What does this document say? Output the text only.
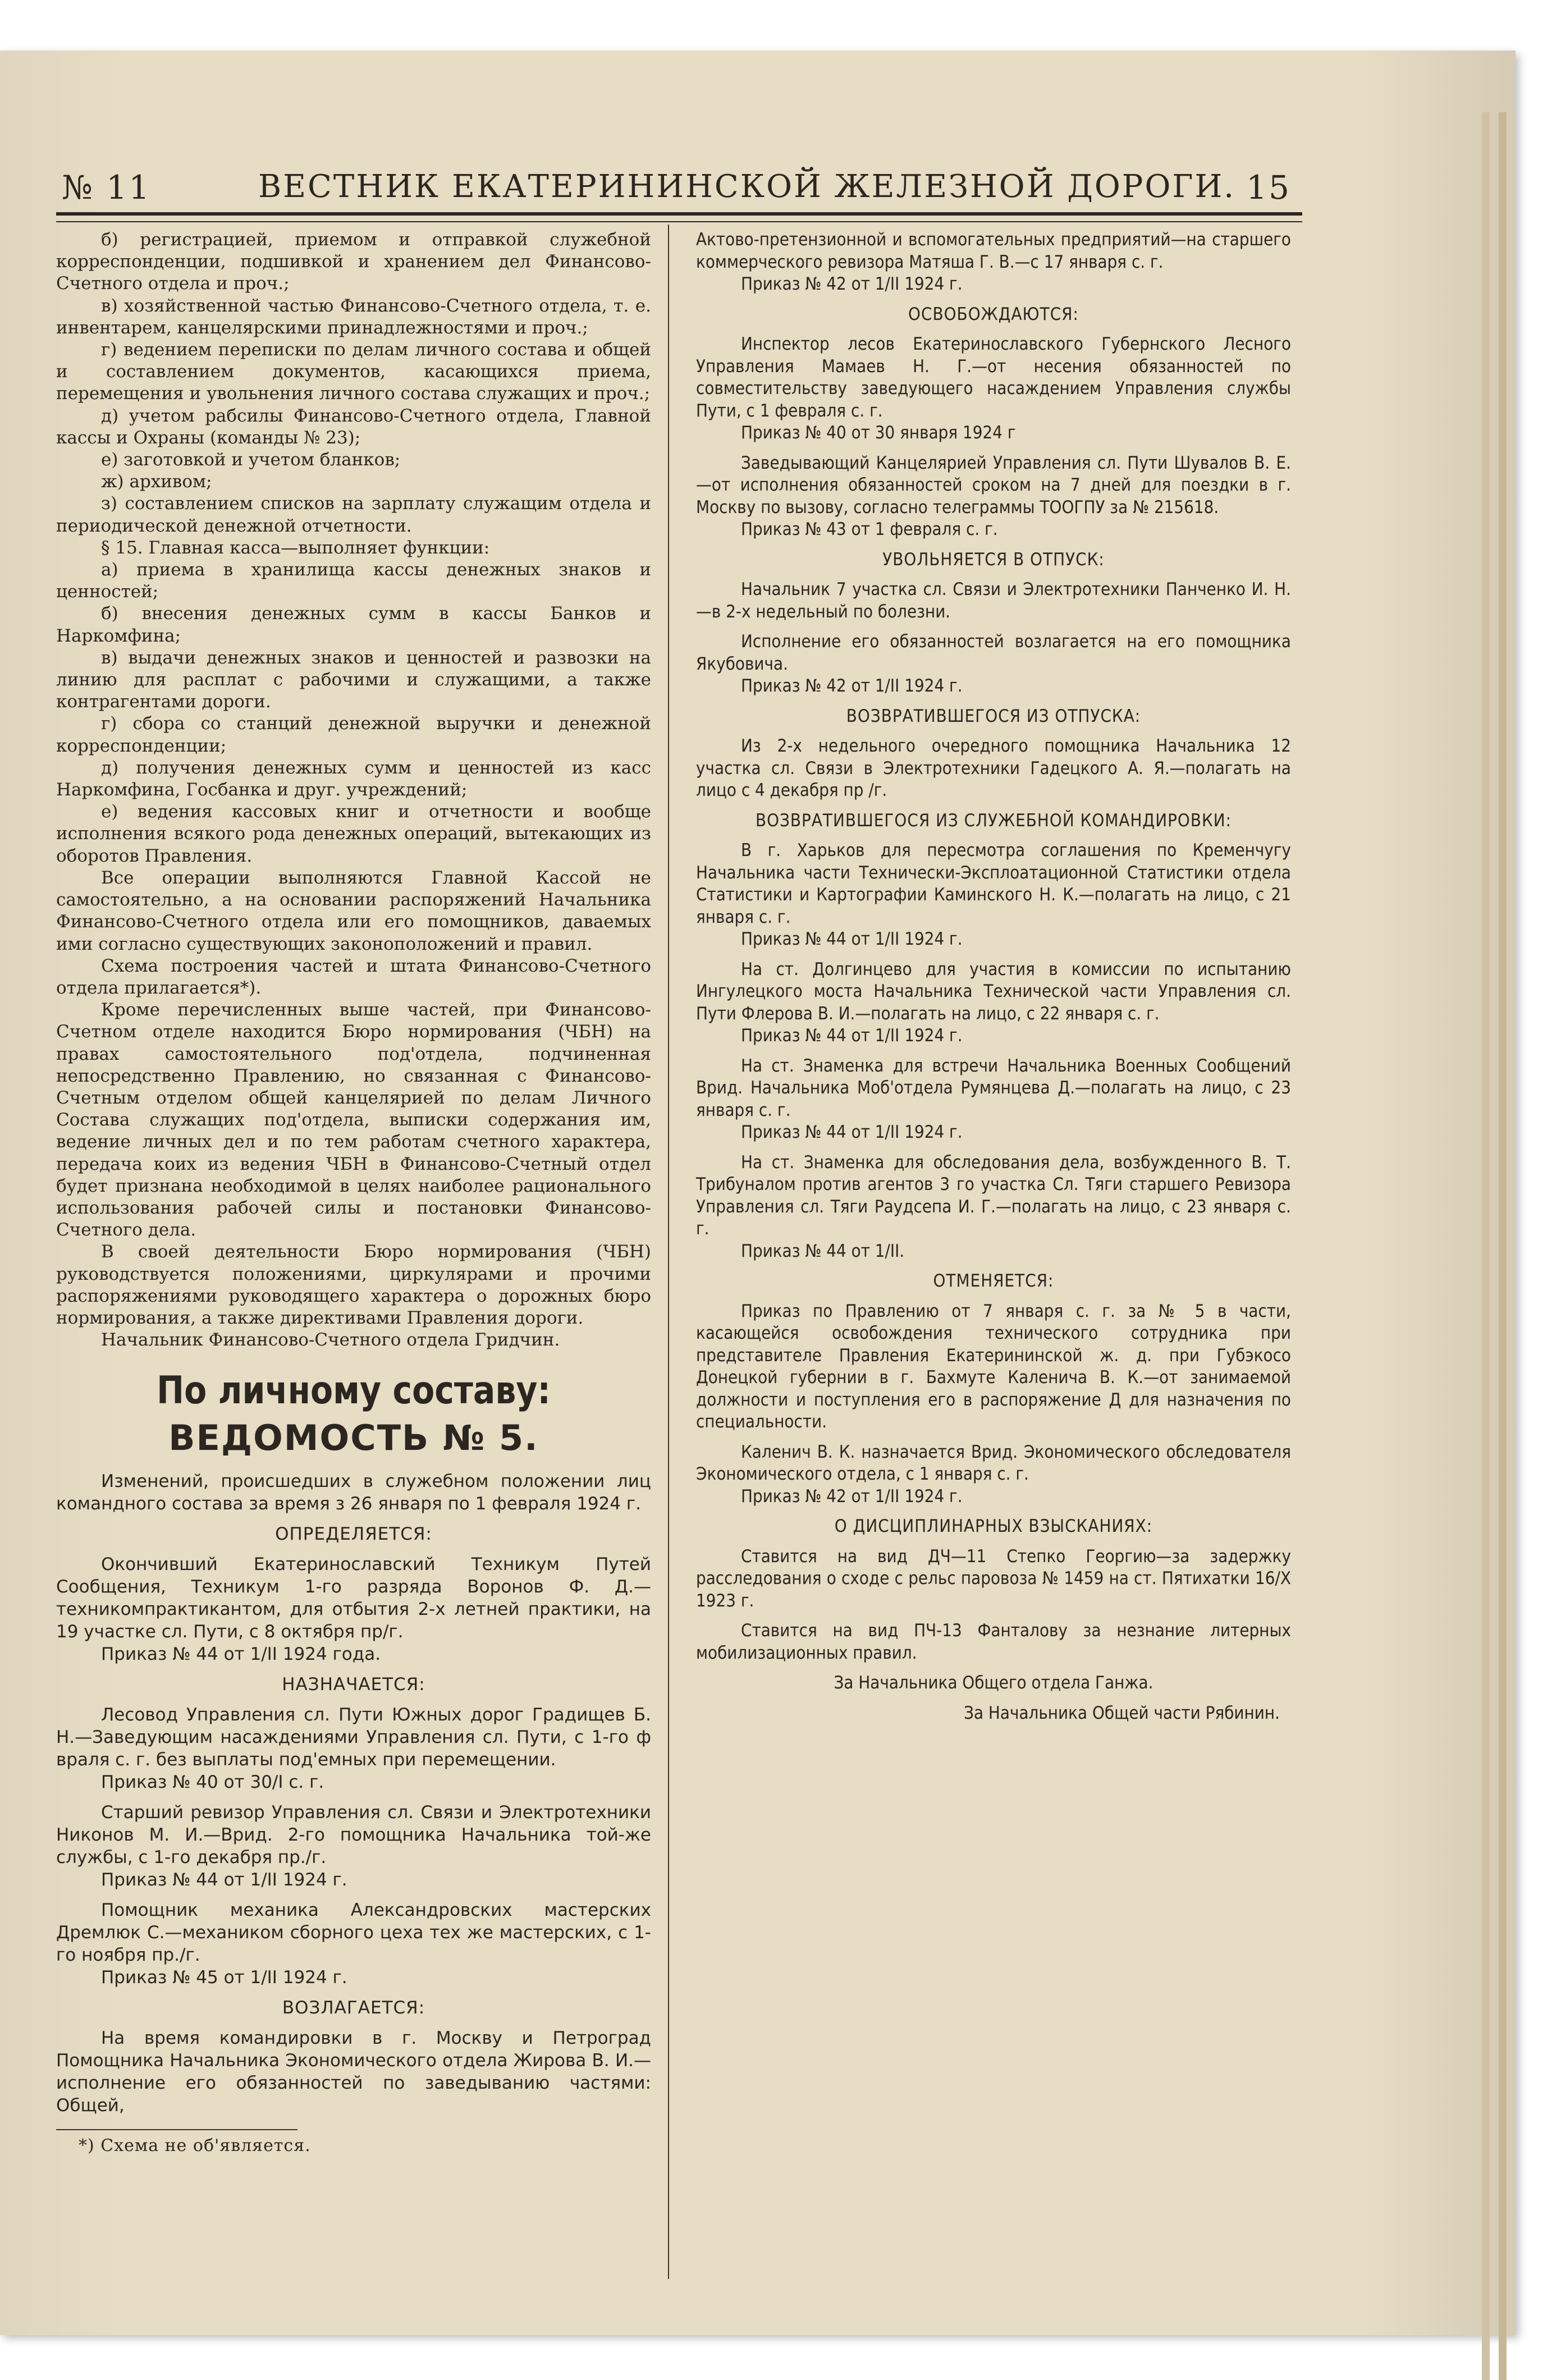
№ 11	ВЕСТНИК ЕКАТЕРИНИНСКОЙ ЖЕЛЕЗНОЙ ДОРОГИ. 15

б) регистрацией, приемом и отправкой служебной корреспонденции, подшивкой и хранением дел Финансово-Счетного отдела и проч.;

в) хозяйственной частью Финансово-Счетного отдела, т. е. инвентарем, канцелярскими принадлежностями и проч.;

г) ведением переписки по делам личного состава и общей и составлением документов, касающихся приема, перемещения и увольнения личного состава служащих и проч.;

д) учетом рабсилы Финансово-Счетного отдела, Главной кассы и Охраны (команды № 23);

е) заготовкой и учетом бланков;

ж) архивом;

з) составлением списков на зарплату служащим отдела и периодической денежной отчетности.

§ 15. Главная касса—выполняет функции:

а) приема в хранилища кассы денежных знаков и ценностей;

б) внесения денежных сумм в кассы Банков и Наркомфина;

в) выдачи денежных знаков и ценностей и развозки на линию для расплат с рабочими и служащими, а также контрагентами дороги.

г) сбора со станций денежной выручки и денежной корреспонденции;

д) получения денежных сумм и ценностей из касс Наркомфина, Госбанка и друг. учреждений;

е) ведения кассовых книг и отчетности и вообще исполнения всякого рода денежных операций, вытекающих из оборотов Правления.

Все операции выполняются Главной Кассой не самостоятельно, а на основании распоряжений Начальника Финансово-Счетного отдела или его помощников, даваемых ими согласно существующих законоположений и правил.

Схема построения частей и штата Финансово-Счетного отдела прилагается*).

Кроме перечисленных выше частей, при Финансово-Счетном отделе находится Бюро нормирования (ЧБН) на правах самостоятельного под'отдела, подчиненная непосредственно Правлению, но связанная с Финансово-Счетным отделом общей канцелярией по делам Личного Состава служащих под'отдела, выписки содержания им, ведение личных дел и по тем работам счетного характера, передача коих из ведения ЧБН в Финансово-Счетный отдел будет признана необходимой в целях наиболее рационального использования рабочей силы и постановки Финансово-Счетного дела.

В своей деятельности Бюро нормирования (ЧБН) руководствуется положениями, циркулярами и прочими распоряжениями руководящего характера о дорожных бюро нормирования, а также директивами Правления дороги.

Начальник Финансово-Счетного отдела Гридчин.

По личному составу:
ВЕДОМОСТЬ № 5.

Изменений, происшедших в служебном положении лиц командного состава за время з 26 января по 1 февраля 1924 г.

ОПРЕДЕЛЯЕТСЯ:

Окончивший Екатеринославский Техникум Путей Сообщения, Техникум 1-го разряда Воронов Ф. Д.—техникомпрактикантом, для отбытия 2-х летней практики, на 19 участке сл. Пути, с 8 октября пр/г.

Приказ № 44 от 1/II 1924 года.

НАЗНАЧАЕТСЯ:

Лесовод Управления сл. Пути Южных дорог Градищев Б. Н.—Заведующим насаждениями Управления сл. Пути, с 1-го ф враля с. г. без выплаты под'емных при перемещении.

Приказ № 40 от 30/I с. г.

Старший ревизор Управления сл. Связи и Электротехники Никонов М. И.—Врид. 2-го помощника Начальника той-же службы, с 1-го декабря пр./г.

Приказ № 44 от 1/II 1924 г.

Помощник механика Александровских мастерских Дремлюк С.—механиком сборного цеха тех же мастерских, с 1-го ноября пр./г.

Приказ № 45 от 1/II 1924 г.

ВОЗЛАГАЕТСЯ:

На время командировки в г. Москву и Петроград Помощника Начальника Экономического отдела Жирова В. И.—исполнение его обязанностей по заведыванию частями: Общей,

*) Схема не об'является.

Актово-претензионной и вспомогательных предприятий—на старшего коммерческого ревизора Матяша Г. В.—с 17 января с. г.

Приказ № 42 от 1/II 1924 г.

ОСВОБОЖДАЮТСЯ:

Инспектор лесов Екатеринославского Губернского Лесного Управления Мамаев Н. Г.—от несения обязанностей по совместительству заведующего насаждением Управления службы Пути, с 1 февраля с. г.

Приказ № 40 от 30 января 1924 г

Заведывающий Канцелярией Управления сл. Пути Шувалов В. Е.—от исполнения обязанностей сроком на 7 дней для поездки в г. Москву по вызову, согласно телеграммы ТООГПУ за № 215618.

Приказ № 43 от 1 февраля с. г.

УВОЛЬНЯЕТСЯ В ОТПУСК:

Начальник 7 участка сл. Связи и Электротехники Панченко И. Н.—в 2-х недельный по болезни.

Исполнение его обязанностей возлагается на его помощника Якубовича.

Приказ № 42 от 1/II 1924 г.

ВОЗВРАТИВШЕГОСЯ ИЗ ОТПУСКА:

Из 2-х недельного очередного помощника Начальника 12 участка сл. Связи в Электротехники Гадецкого А. Я.—полагать на лицо с 4 декабря пр /г.

ВОЗВРАТИВШЕГОСЯ ИЗ СЛУЖЕБНОЙ КОМАНДИРОВКИ:

В г. Харьков для пересмотра соглашения по Кременчугу Начальника части Технически-Эксплоатационной Статистики отдела Статистики и Картографии Каминского Н. К.—полагать на лицо, с 21 января с. г.

Приказ № 44 от 1/II 1924 г.

На ст. Долгинцево для участия в комиссии по испытанию Ингулецкого моста Начальника Технической части Управления сл. Пути Флерова В. И.—полагать на лицо, с 22 января с. г.

Приказ № 44 от 1/II 1924 г.

На ст. Знаменка для встречи Начальника Военных Сообщений Врид. Начальника Моб'отдела Румянцева Д.—полагать на лицо, с 23 января с. г.

Приказ № 44 от 1/II 1924 г.

На ст. Знаменка для обследования дела, возбужденного В. Т. Трибуналом против агентов 3 го участка Сл. Тяги старшего Ревизора Управления сл. Тяги Раудсепа И. Г.—полагать на лицо, с 23 января с. г.

Приказ № 44 от 1/II.

ОТМЕНЯЕТСЯ:

Приказ по Правлению от 7 января с. г. за № 5 в части, касающейся освобождения технического сотрудника при представителе Правления Екатерининской ж. д. при Губэкосо Донецкой губернии в г. Бахмуте Каленича В. К.—от занимаемой должности и поступления его в распоряжение Д для назначения по специальности.

Каленич В. К. назначается Врид. Экономического обследователя Экономического отдела, с 1 января с. г.

Приказ № 42 от 1/II 1924 г.

О ДИСЦИПЛИНАРНЫХ ВЗЫСКАНИЯХ:

Ставится на вид ДЧ—11 Степко Георгию—за задержку расследования о сходе с рельс паровоза № 1459 на ст. Пятихатки 16/X 1923 г.

Ставится на вид ПЧ-13 Фанталову за незнание литерных мобилизационных правил.

За Начальника Общего отдела Ганжа.

За Начальника Общей части Рябинин.
